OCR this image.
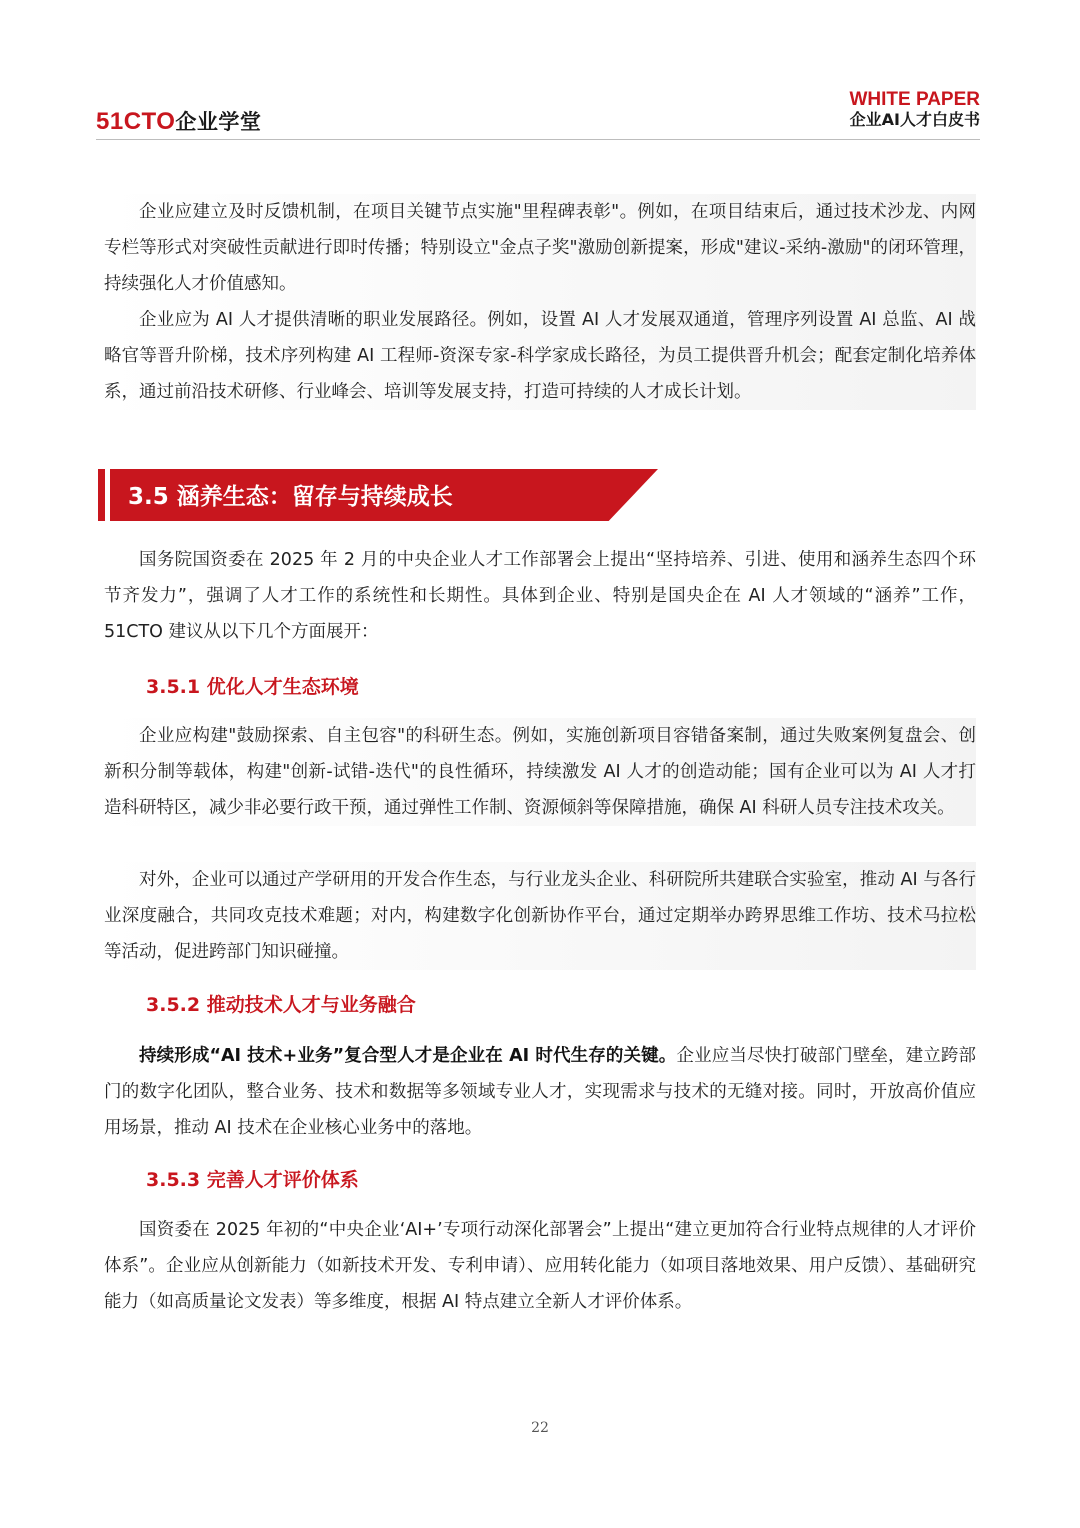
51CTO企业学堂
WHITE PAPER
企业AI人才白皮书

企业应建立及时反馈机制，在项目关键节点实施"里程碑表彰"。例如，在项目结束后，通过技术沙龙、内网专栏等形式对突破性贡献进行即时传播；特别设立"金点子奖"激励创新提案，形成"建议-采纳-激励"的闭环管理，持续强化人才价值感知。

企业应为 AI 人才提供清晰的职业发展路径。例如，设置 AI 人才发展双通道，管理序列设置 AI 总监、AI 战略官等晋升阶梯，技术序列构建 AI 工程师-资深专家-科学家成长路径，为员工提供晋升机会；配套定制化培养体系，通过前沿技术研修、行业峰会、培训等发展支持，打造可持续的人才成长计划。

3.5 涵养生态：留存与持续成长

国务院国资委在 2025 年 2 月的中央企业人才工作部署会上提出“坚持培养、引进、使用和涵养生态四个环节齐发力”，强调了人才工作的系统性和长期性。具体到企业、特别是国央企在 AI 人才领域的“涵养”工作，51CTO 建议从以下几个方面展开：

3.5.1 优化人才生态环境

企业应构建"鼓励探索、自主包容"的科研生态。例如，实施创新项目容错备案制，通过失败案例复盘会、创新积分制等载体，构建"创新-试错-迭代"的良性循环，持续激发 AI 人才的创造动能；国有企业可以为 AI 人才打造科研特区，减少非必要行政干预，通过弹性工作制、资源倾斜等保障措施，确保 AI 科研人员专注技术攻关。

对外，企业可以通过产学研用的开发合作生态，与行业龙头企业、科研院所共建联合实验室，推动 AI 与各行业深度融合，共同攻克技术难题；对内，构建数字化创新协作平台，通过定期举办跨界思维工作坊、技术马拉松等活动，促进跨部门知识碰撞。

3.5.2 推动技术人才与业务融合

持续形成“AI 技术+业务”复合型人才是企业在 AI 时代生存的关键。企业应当尽快打破部门壁垒，建立跨部门的数字化团队，整合业务、技术和数据等多领域专业人才，实现需求与技术的无缝对接。同时，开放高价值应用场景，推动 AI 技术在企业核心业务中的落地。

3.5.3 完善人才评价体系

国资委在 2025 年初的“中央企业‘AI+’专项行动深化部署会”上提出“建立更加符合行业特点规律的人才评价体系”。企业应从创新能力（如新技术开发、专利申请）、应用转化能力（如项目落地效果、用户反馈）、基础研究能力（如高质量论文发表）等多维度，根据 AI 特点建立全新人才评价体系。

22
